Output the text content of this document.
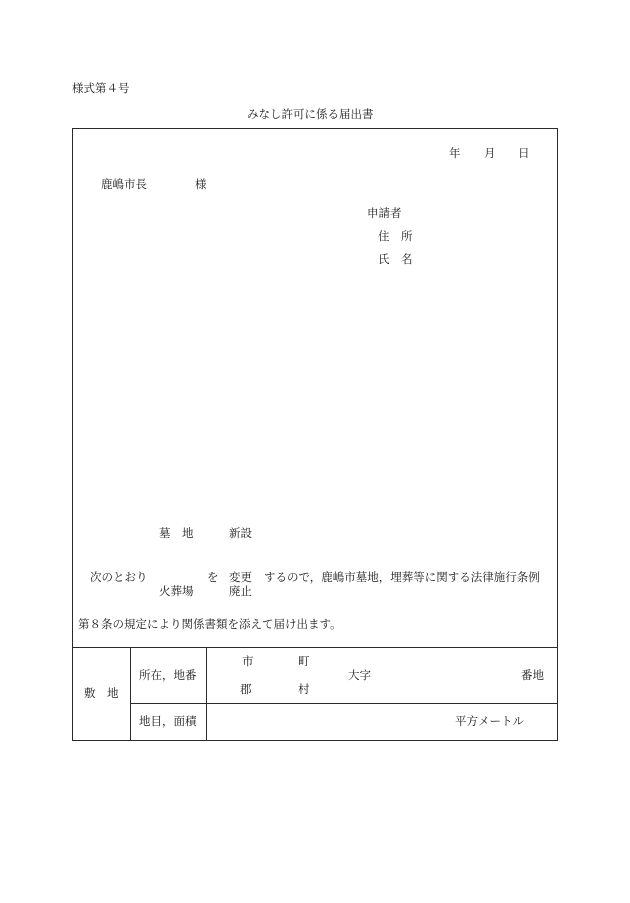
様式第４号
みなし許可に係る届出書
年 月 日
鹿嶋市長	様
申請者
住　所
氏　名
墓　地	新設
次のとおり	を 変更 するので，鹿嶋市墓地，埋葬等に関する法律施行条例
火葬場	廃止
第８条の規定により関係書類を添えて届け出ます。
敷　地
所在，地番
市	町
大字	番地
郡	村
地目，面積	平方メートル
